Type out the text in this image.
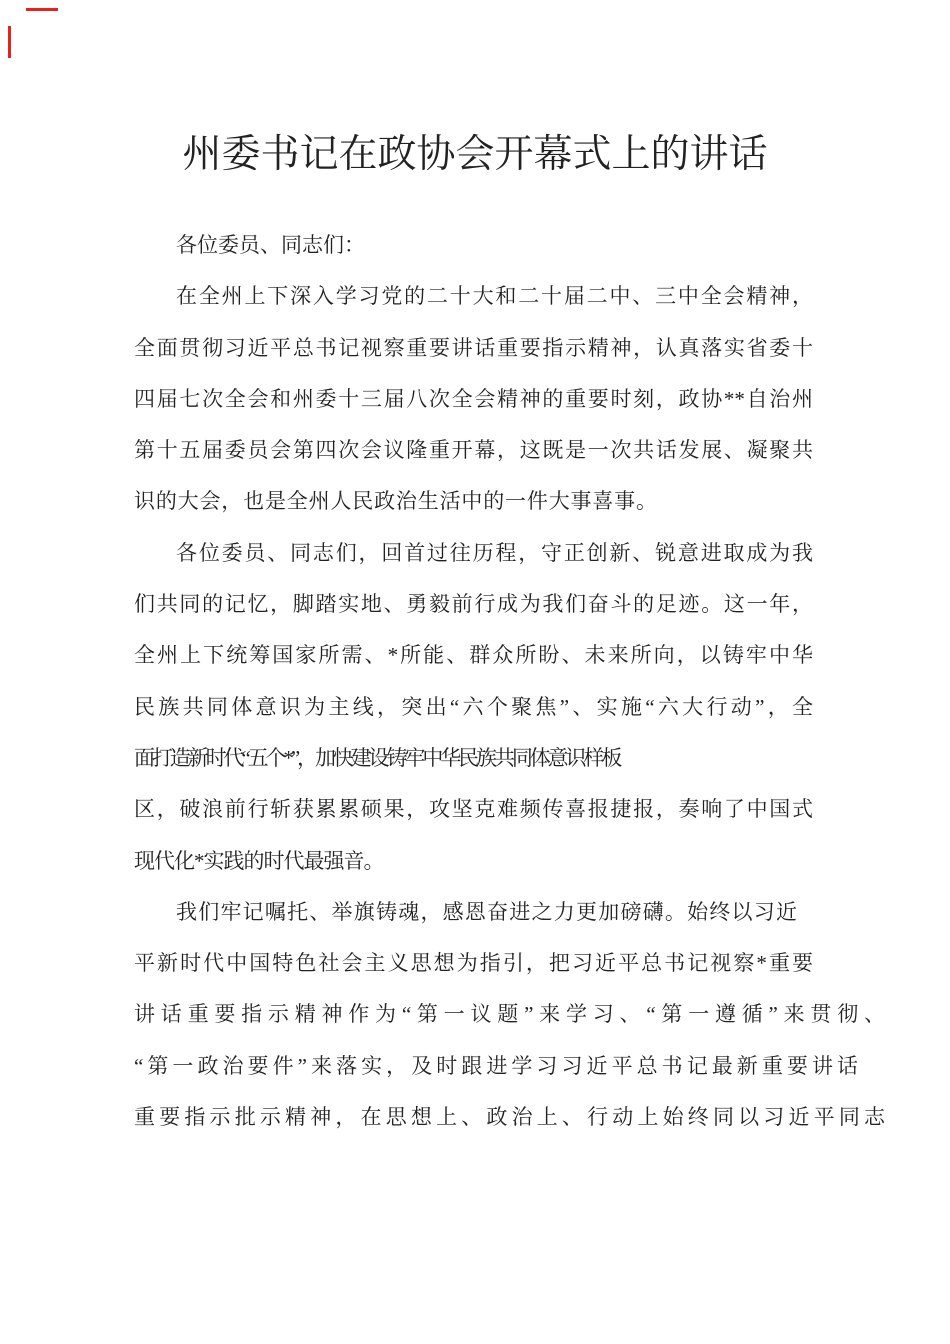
州委书记在政协会开幕式上的讲话
各位委员、同志们：
在全州上下深入学习党的二十大和二十届二中、三中全会精神，
全面贯彻习近平总书记视察重要讲话重要指示精神，认真落实省委十
四届七次全会和州委十三届八次全会精神的重要时刻，政协**自治州
第十五届委员会第四次会议隆重开幕，这既是一次共话发展、凝聚共
识的大会，也是全州人民政治生活中的一件大事喜事。
各位委员、同志们，回首过往历程，守正创新、锐意进取成为我
们共同的记忆，脚踏实地、勇毅前行成为我们奋斗的足迹。这一年，
全州上下统筹国家所需、*所能、群众所盼、未来所向，以铸牢中华
民族共同体意识为主线，突出“六个聚焦”、实施“六大行动”，全
面打造新时代“五个*”，加快建设铸牢中华民族共同体意识样板
区，破浪前行斩获累累硕果，攻坚克难频传喜报捷报，奏响了中国式
现代化*实践的时代最强音。
我们牢记嘱托、举旗铸魂，感恩奋进之力更加磅礴。始终以习近
平新时代中国特色社会主义思想为指引，把习近平总书记视察*重要
讲话重要指示精神作为“第一议题”来学习、“第一遵循”来贯彻、
“第一政治要件”来落实，及时跟进学习习近平总书记最新重要讲话
重要指示批示精神，在思想上、政治上、行动上始终同以习近平同志
